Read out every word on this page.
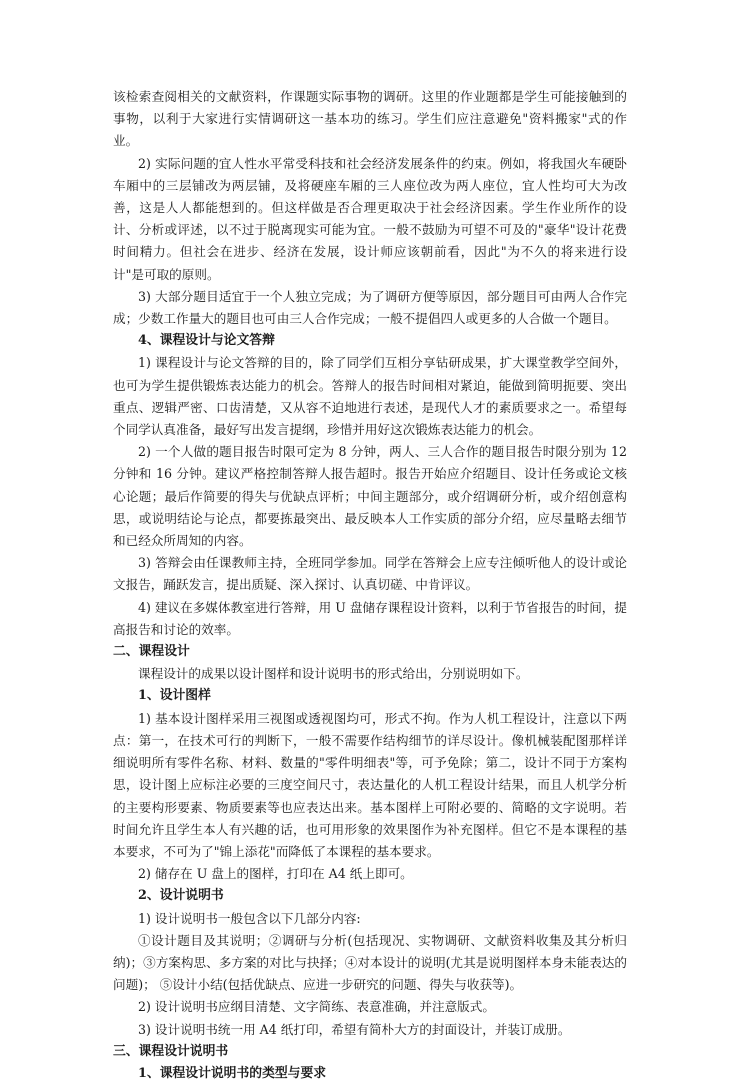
该检索查阅相关的文献资料，作课题实际事物的调研。这里的作业题都是学生可能接触到的事物，以利于大家进行实情调研这一基本功的练习。学生们应注意避免"资料搬家"式的作业。

2) 实际问题的宜人性水平常受科技和社会经济发展条件的约束。例如，将我国火车硬卧车厢中的三层铺改为两层铺，及将硬座车厢的三人座位改为两人座位，宜人性均可大为改善，这是人人都能想到的。但这样做是否合理更取决于社会经济因素。学生作业所作的设计、分析或评述，以不过于脱离现实可能为宜。一般不鼓励为可望不可及的"豪华"设计花费时间精力。但社会在进步、经济在发展，设计师应该朝前看，因此"为不久的将来进行设计"是可取的原则。

3) 大部分题目适宜于一个人独立完成；为了调研方便等原因，部分题目可由两人合作完成；少数工作量大的题目也可由三人合作完成；一般不提倡四人或更多的人合做一个题目。

4、课程设计与论文答辩

1) 课程设计与论文答辩的目的，除了同学们互相分享钻研成果，扩大课堂教学空间外，也可为学生提供锻炼表达能力的机会。答辩人的报告时间相对紧迫，能做到简明扼要、突出重点、逻辑严密、口齿清楚，又从容不迫地进行表述，是现代人才的素质要求之一。希望每个同学认真准备，最好写出发言提纲，珍惜并用好这次锻炼表达能力的机会。

2) 一个人做的题目报告时限可定为 8 分钟，两人、三人合作的题目报告时限分别为 12 分钟和 16 分钟。建议严格控制答辩人报告超时。报告开始应介绍题目、设计任务或论文核心论题；最后作简要的得失与优缺点评析；中间主题部分，或介绍调研分析，或介绍创意构思，或说明结论与论点，都要拣最突出、最反映本人工作实质的部分介绍，应尽量略去细节和已经众所周知的内容。

3) 答辩会由任课教师主持，全班同学参加。同学在答辩会上应专注倾听他人的设计或论文报告，踊跃发言，提出质疑、深入探讨、认真切磋、中肯评议。

4) 建议在多媒体教室进行答辩，用 U 盘储存课程设计资料，以利于节省报告的时间，提高报告和讨论的效率。

二、课程设计

课程设计的成果以设计图样和设计说明书的形式给出，分别说明如下。

1、设计图样

1) 基本设计图样采用三视图或透视图均可，形式不拘。作为人机工程设计，注意以下两点：第一，在技术可行的判断下，一般不需要作结构细节的详尽设计。像机械装配图那样详细说明所有零件名称、材料、数量的"零件明细表"等，可予免除；第二，设计不同于方案构思，设计图上应标注必要的三度空间尺寸，表达量化的人机工程设计结果，而且人机学分析的主要构形要素、物质要素等也应表达出来。基本图样上可附必要的、简略的文字说明。若时间允许且学生本人有兴趣的话，也可用形象的效果图作为补充图样。但它不是本课程的基本要求，不可为了"锦上添花"而降低了本课程的基本要求。

2) 储存在 U 盘上的图样，打印在 A4 纸上即可。

2、设计说明书

1) 设计说明书一般包含以下几部分内容:

①设计题目及其说明；②调研与分析(包括现况、实物调研、文献资料收集及其分析归纳)；③方案构思、多方案的对比与抉择；④对本设计的说明(尤其是说明图样本身未能表达的问题)； ⑤设计小结(包括优缺点、应进一步研究的问题、得失与收获等)。

2) 设计说明书应纲目清楚、文字简练、表意准确，并注意版式。

3) 设计说明书统一用 A4 纸打印，希望有简朴大方的封面设计，并装订成册。

三、课程设计说明书

1、课程设计说明书的类型与要求
